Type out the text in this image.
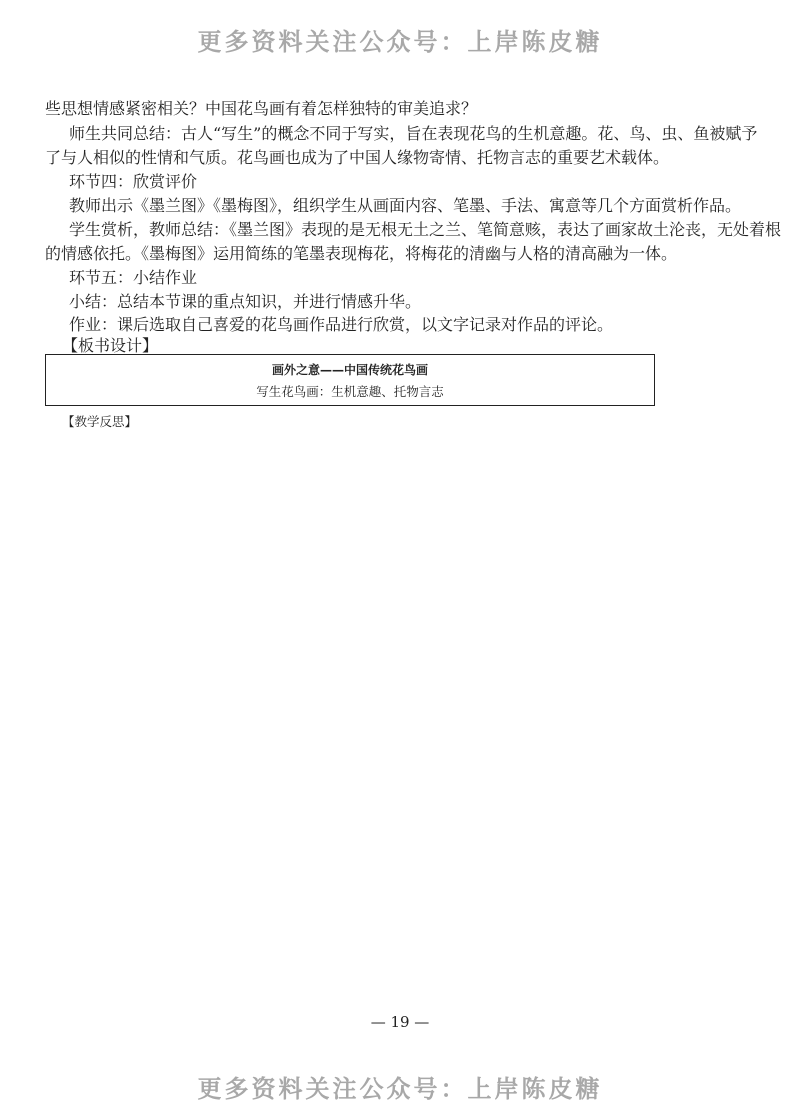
更多资料关注公众号：上岸陈皮糖
些思想情感紧密相关？中国花鸟画有着怎样独特的审美追求？
师生共同总结：古人“写生”的概念不同于写实，旨在表现花鸟的生机意趣。花、鸟、虫、鱼被赋予
了与人相似的性情和气质。花鸟画也成为了中国人缘物寄情、托物言志的重要艺术载体。
环节四：欣赏评价
教师出示《墨兰图》《墨梅图》，组织学生从画面内容、笔墨、手法、寓意等几个方面赏析作品。
学生赏析，教师总结：《墨兰图》表现的是无根无土之兰、笔简意赅，表达了画家故土沦丧，无处着根
的情感依托。《墨梅图》运用简练的笔墨表现梅花，将梅花的清幽与人格的清高融为一体。
环节五：小结作业
小结：总结本节课的重点知识，并进行情感升华。
作业：课后选取自己喜爱的花鸟画作品进行欣赏，以文字记录对作品的评论。
【板书设计】
画外之意——中国传统花鸟画
写生花鸟画：生机意趣、托物言志
【教学反思】
— 19 —
更多资料关注公众号：上岸陈皮糖
